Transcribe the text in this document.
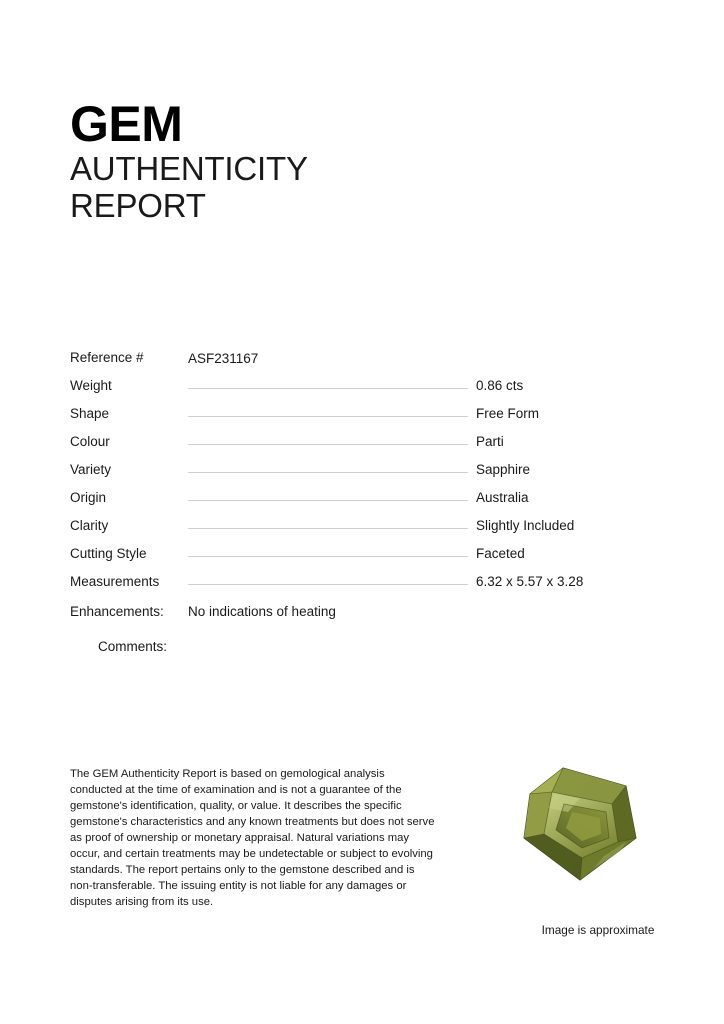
GEM
AUTHENTICITY
REPORT
Reference #	ASF231167
Weight	0.86 cts
Shape	Free Form
Colour	Parti
Variety	Sapphire
Origin	Australia
Clarity	Slightly Included
Cutting Style	Faceted
Measurements	6.32 x 5.57 x 3.28
Enhancements: No indications of heating
Comments:
The GEM Authenticity Report is based on gemological analysis conducted at the time of examination and is not a guarantee of the gemstone's identification, quality, or value. It describes the specific gemstone's characteristics and any known treatments but does not serve as proof of ownership or monetary appraisal. Natural variations may occur, and certain treatments may be undetectable or subject to evolving standards. The report pertains only to the gemstone described and is non-transferable. The issuing entity is not liable for any damages or disputes arising from its use.
Image is approximate
